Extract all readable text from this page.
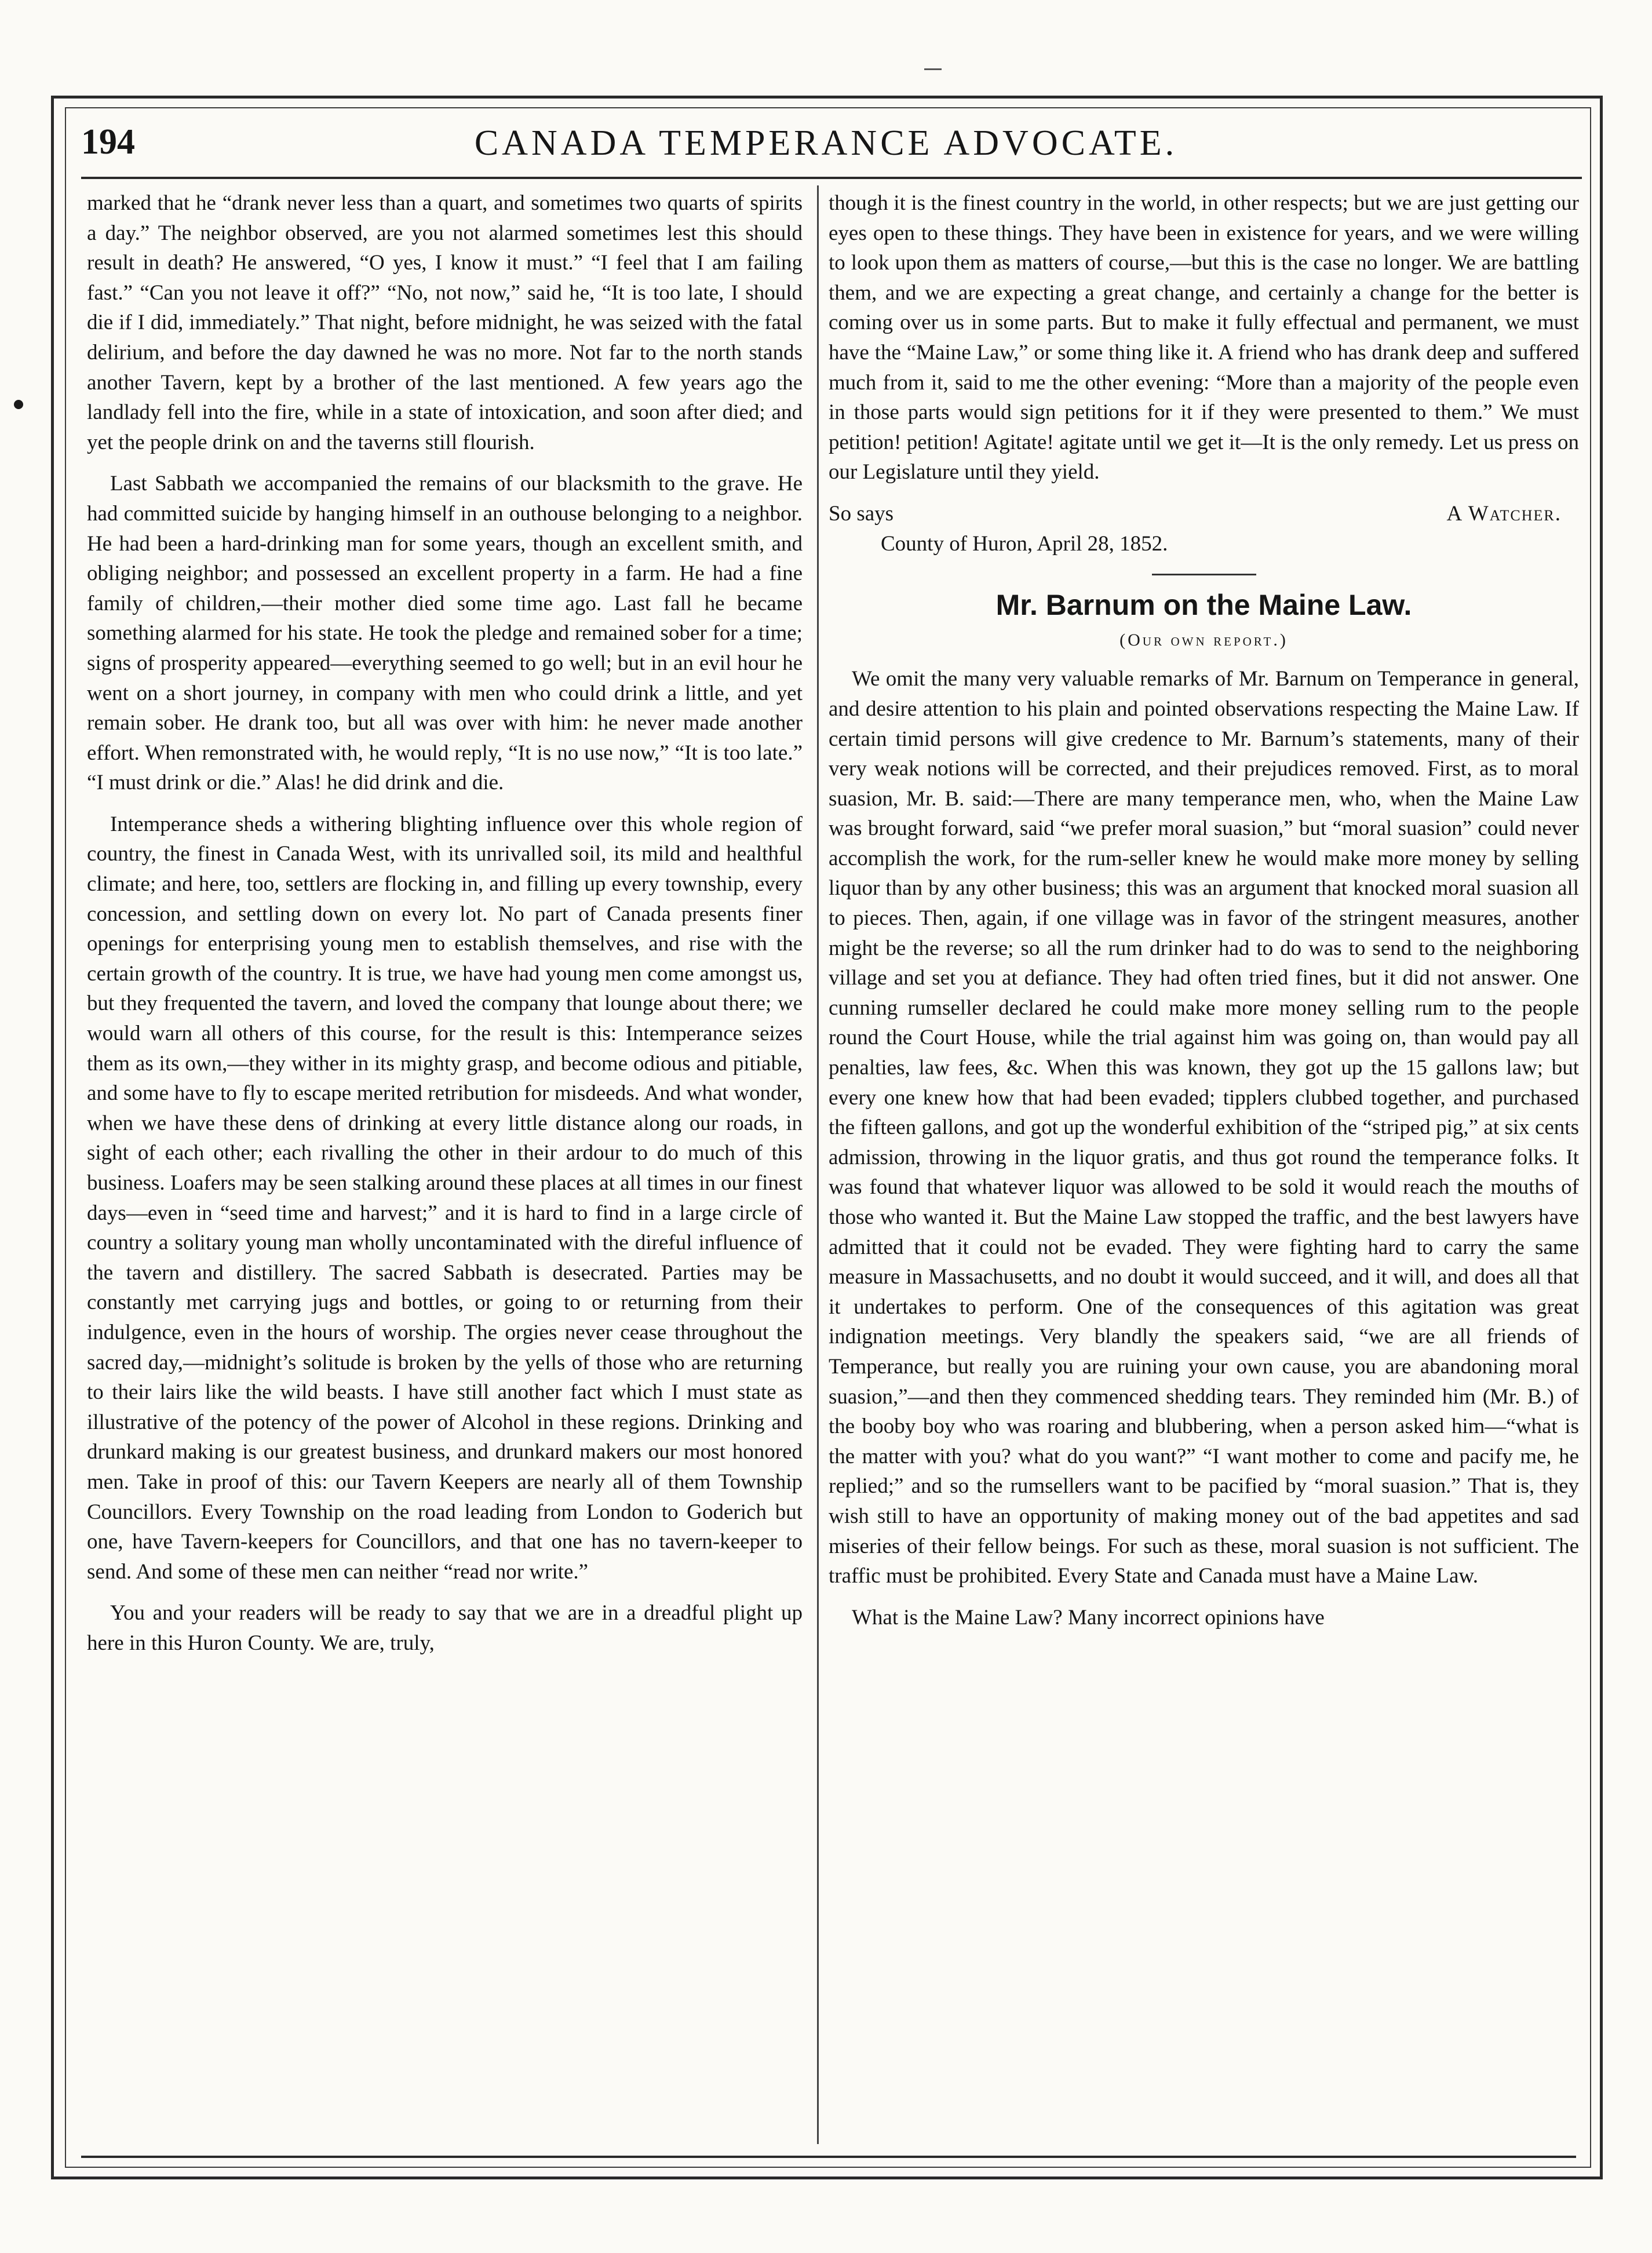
194	CANADA TEMPERANCE ADVOCATE.

marked that he “drank never less than a quart, and sometimes two quarts of spirits a day.” The neighbor observed, are you not alarmed sometimes lest this should result in death? He answered, “O yes, I know it must.” “I feel that I am failing fast.” “Can you not leave it off?” “No, not now,” said he, “It is too late, I should die if I did, immediately.” That night, before midnight, he was seized with the fatal delirium, and before the day dawned he was no more. Not far to the north stands another Tavern, kept by a brother of the last mentioned. A few years ago the landlady fell into the fire, while in a state of intoxication, and soon after died; and yet the people drink on and the taverns still flourish.

Last Sabbath we accompanied the remains of our blacksmith to the grave. He had committed suicide by hanging himself in an outhouse belonging to a neighbor. He had been a hard-drinking man for some years, though an excellent smith, and obliging neighbor; and possessed an excellent property in a farm. He had a fine family of children,—their mother died some time ago. Last fall he became something alarmed for his state. He took the pledge and remained sober for a time; signs of prosperity appeared—everything seemed to go well; but in an evil hour he went on a short journey, in company with men who could drink a little, and yet remain sober. He drank too, but all was over with him: he never made another effort. When remonstrated with, he would reply, “It is no use now,” “It is too late.” “I must drink or die.” Alas! he did drink and die.

Intemperance sheds a withering blighting influence over this whole region of country, the finest in Canada West, with its unrivalled soil, its mild and healthful climate; and here, too, settlers are flocking in, and filling up every township, every concession, and settling down on every lot. No part of Canada presents finer openings for enterprising young men to establish themselves, and rise with the certain growth of the country. It is true, we have had young men come amongst us, but they frequented the tavern, and loved the company that lounge about there; we would warn all others of this course, for the result is this: Intemperance seizes them as its own,—they wither in its mighty grasp, and become odious and pitiable, and some have to fly to escape merited retribution for misdeeds. And what wonder, when we have these dens of drinking at every little distance along our roads, in sight of each other; each rivalling the other in their ardour to do much of this business. Loafers may be seen stalking around these places at all times in our finest days—even in “seed time and harvest;” and it is hard to find in a large circle of country a solitary young man wholly uncontaminated with the direful influence of the tavern and distillery. The sacred Sabbath is desecrated. Parties may be constantly met carrying jugs and bottles, or going to or returning from their indulgence, even in the hours of worship. The orgies never cease throughout the sacred day,—midnight’s solitude is broken by the yells of those who are returning to their lairs like the wild beasts. I have still another fact which I must state as illustrative of the potency of the power of Alcohol in these regions. Drinking and drunkard making is our greatest business, and drunkard makers our most honored men. Take in proof of this: our Tavern Keepers are nearly all of them Township Councillors. Every Township on the road leading from London to Goderich but one, have Tavern-keepers for Councillors, and that one has no tavern-keeper to send. And some of these men can neither “read nor write.”

You and your readers will be ready to say that we are in a dreadful plight up here in this Huron County. We are, truly,

though it is the finest country in the world, in other respects; but we are just getting our eyes open to these things. They have been in existence for years, and we were willing to look upon them as matters of course,—but this is the case no longer. We are battling them, and we are expecting a great change, and certainly a change for the better is coming over us in some parts. But to make it fully effectual and permanent, we must have the “Maine Law,” or some thing like it. A friend who has drank deep and suffered much from it, said to me the other evening: “More than a majority of the people even in those parts would sign petitions for it if they were presented to them.” We must petition! petition! Agitate! agitate until we get it—It is the only remedy. Let us press on our Legislature until they yield.

So says	A Watcher.

County of Huron, April 28, 1852.

Mr. Barnum on the Maine Law.
(Our own report.)

We omit the many very valuable remarks of Mr. Barnum on Temperance in general, and desire attention to his plain and pointed observations respecting the Maine Law. If certain timid persons will give credence to Mr. Barnum’s statements, many of their very weak notions will be corrected, and their prejudices removed. First, as to moral suasion, Mr. B. said:—There are many temperance men, who, when the Maine Law was brought forward, said “we prefer moral suasion,” but “moral suasion” could never accomplish the work, for the rum-seller knew he would make more money by selling liquor than by any other business; this was an argument that knocked moral suasion all to pieces. Then, again, if one village was in favor of the stringent measures, another might be the reverse; so all the rum drinker had to do was to send to the neighboring village and set you at defiance. They had often tried fines, but it did not answer. One cunning rumseller declared he could make more money selling rum to the people round the Court House, while the trial against him was going on, than would pay all penalties, law fees, &c. When this was known, they got up the 15 gallons law; but every one knew how that had been evaded; tipplers clubbed together, and purchased the fifteen gallons, and got up the wonderful exhibition of the “striped pig,” at six cents admission, throwing in the liquor gratis, and thus got round the temperance folks. It was found that whatever liquor was allowed to be sold it would reach the mouths of those who wanted it. But the Maine Law stopped the traffic, and the best lawyers have admitted that it could not be evaded. They were fighting hard to carry the same measure in Massachusetts, and no doubt it would succeed, and it will, and does all that it undertakes to perform. One of the consequences of this agitation was great indignation meetings. Very blandly the speakers said, “we are all friends of Temperance, but really you are ruining your own cause, you are abandoning moral suasion,”—and then they commenced shedding tears. They reminded him (Mr. B.) of the booby boy who was roaring and blubbering, when a person asked him—“what is the matter with you? what do you want?” “I want mother to come and pacify me, he replied;” and so the rumsellers want to be pacified by “moral suasion.” That is, they wish still to have an opportunity of making money out of the bad appetites and sad miseries of their fellow beings. For such as these, moral suasion is not sufficient. The traffic must be prohibited. Every State and Canada must have a Maine Law.

What is the Maine Law? Many incorrect opinions have
